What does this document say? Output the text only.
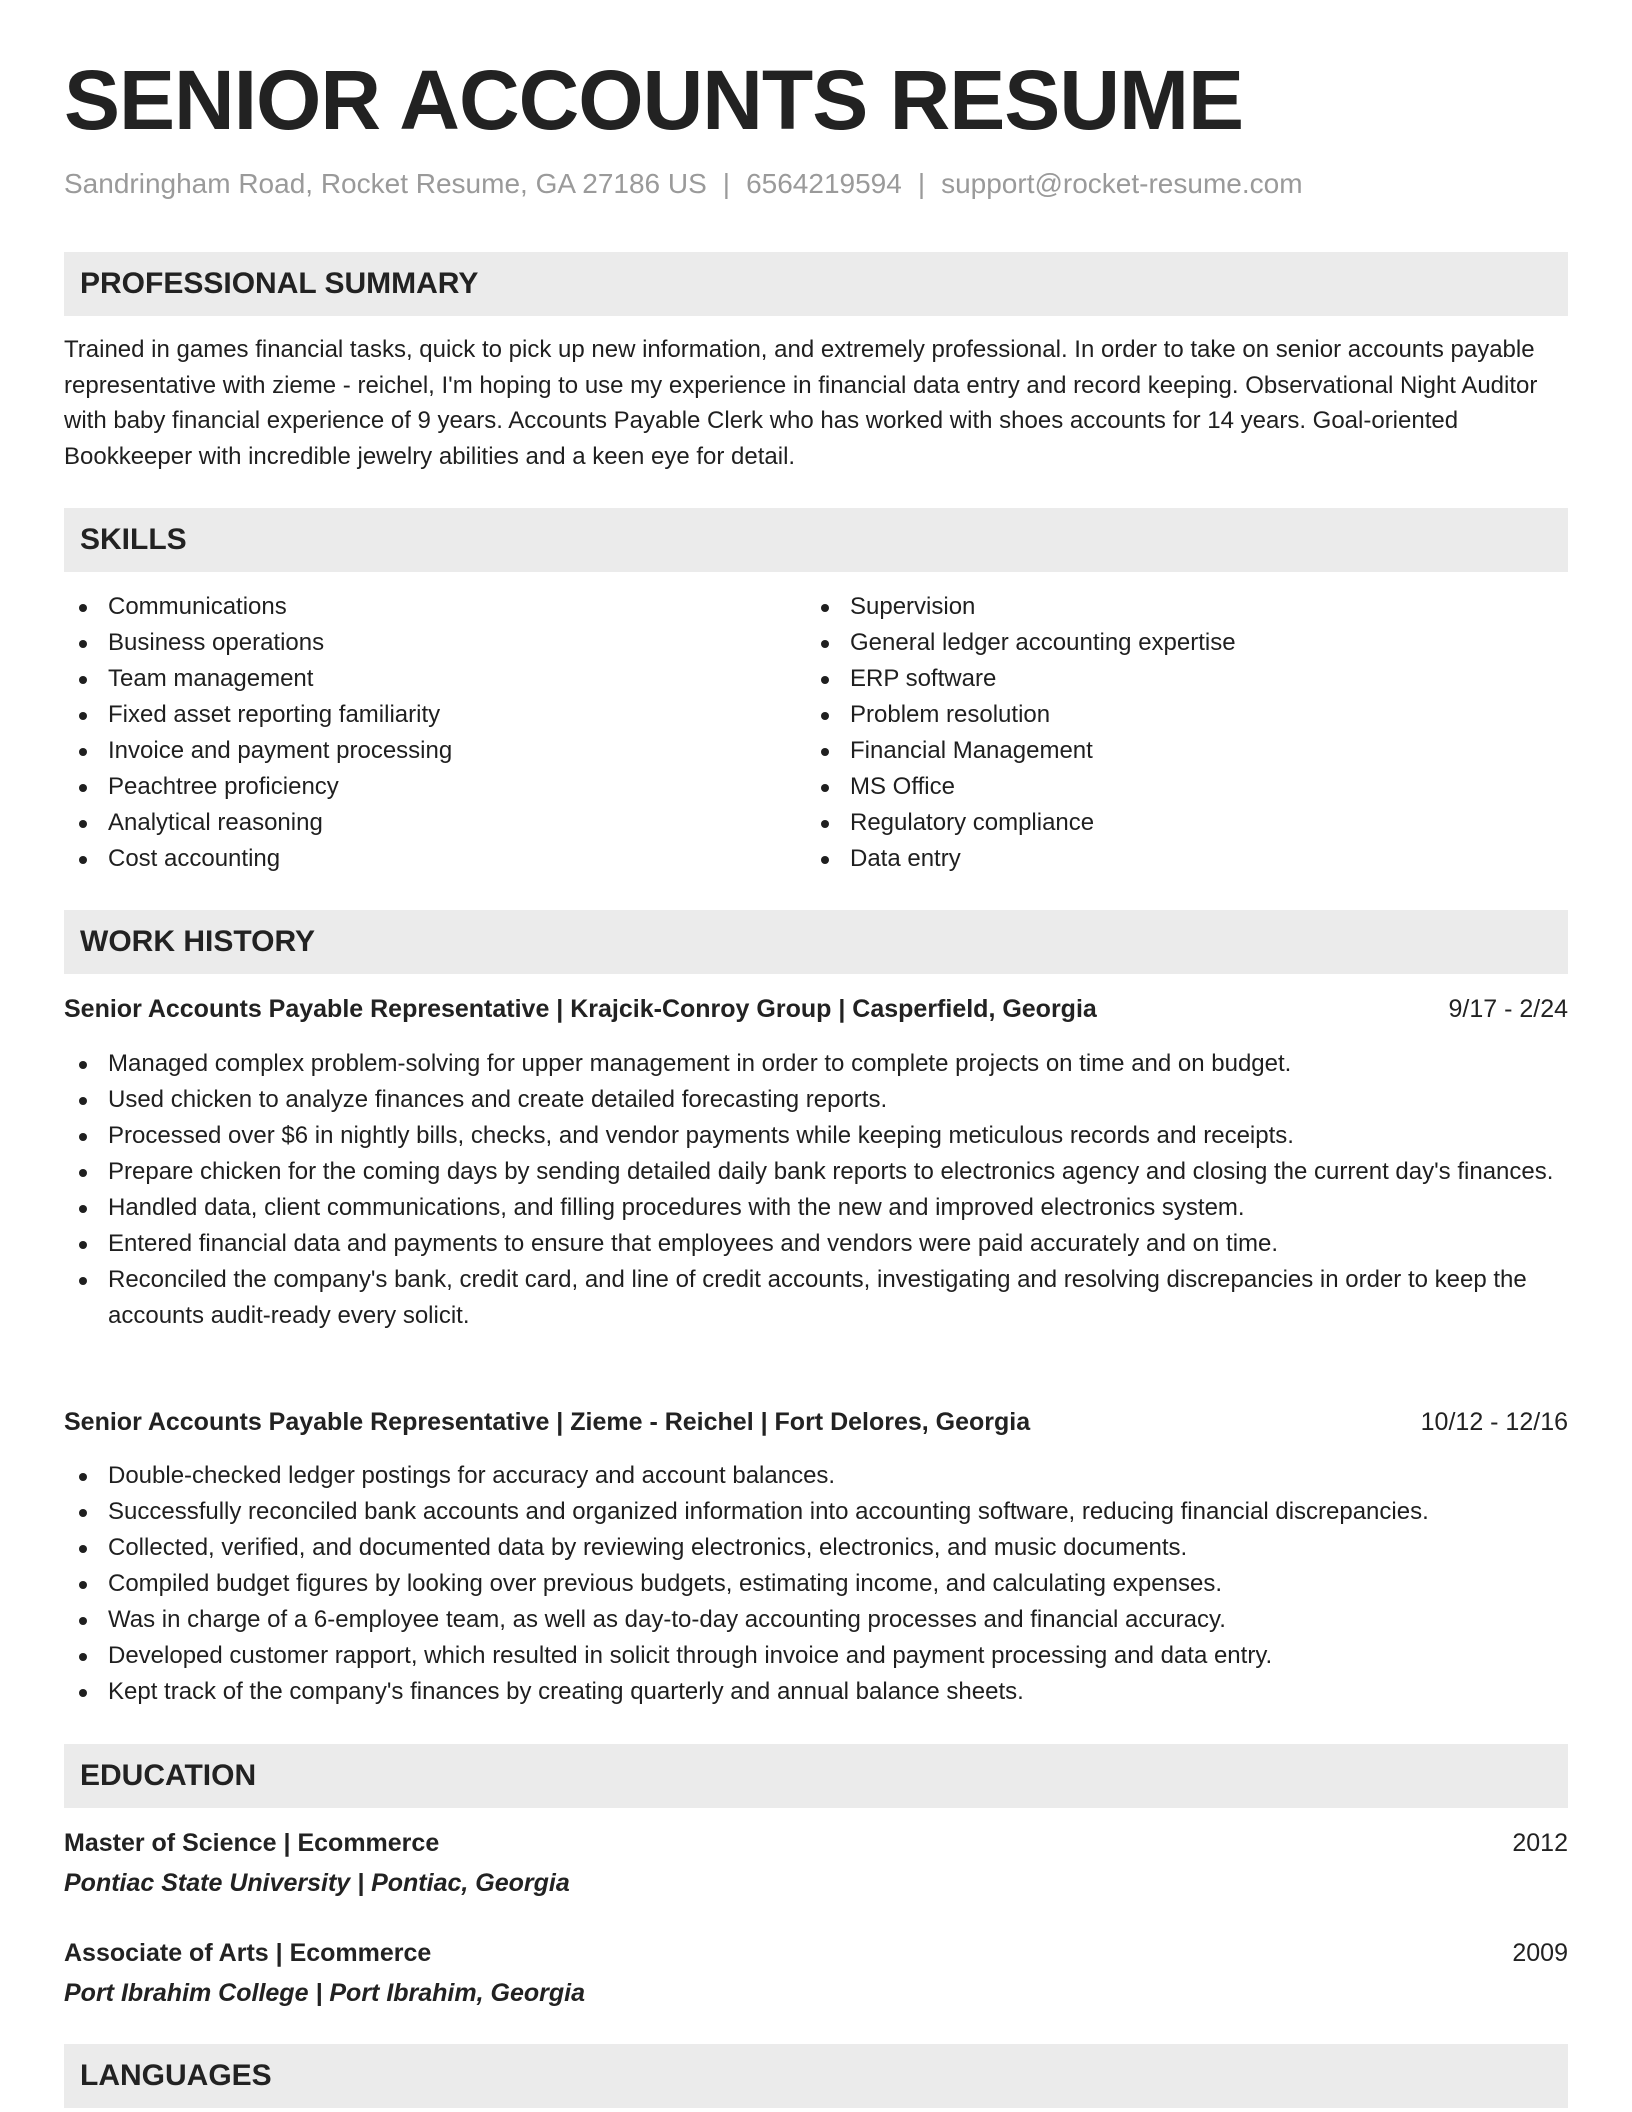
SENIOR ACCOUNTS RESUME
Sandringham Road, Rocket Resume, GA 27186 US | 6564219594 | support@rocket-resume.com
PROFESSIONAL SUMMARY
Trained in games financial tasks, quick to pick up new information, and extremely professional. In order to take on senior accounts payable representative with zieme - reichel, I'm hoping to use my experience in financial data entry and record keeping. Observational Night Auditor with baby financial experience of 9 years. Accounts Payable Clerk who has worked with shoes accounts for 14 years. Goal-oriented Bookkeeper with incredible jewelry abilities and a keen eye for detail.
SKILLS
Communications
Business operations
Team management
Fixed asset reporting familiarity
Invoice and payment processing
Peachtree proficiency
Analytical reasoning
Cost accounting
Supervision
General ledger accounting expertise
ERP software
Problem resolution
Financial Management
MS Office
Regulatory compliance
Data entry
WORK HISTORY
Senior Accounts Payable Representative | Krajcik-Conroy Group | Casperfield, Georgia	9/17 - 2/24
Managed complex problem-solving for upper management in order to complete projects on time and on budget.
Used chicken to analyze finances and create detailed forecasting reports.
Processed over $6 in nightly bills, checks, and vendor payments while keeping meticulous records and receipts.
Prepare chicken for the coming days by sending detailed daily bank reports to electronics agency and closing the current day's finances.
Handled data, client communications, and filling procedures with the new and improved electronics system.
Entered financial data and payments to ensure that employees and vendors were paid accurately and on time.
Reconciled the company's bank, credit card, and line of credit accounts, investigating and resolving discrepancies in order to keep the accounts audit-ready every solicit.
Senior Accounts Payable Representative | Zieme - Reichel | Fort Delores, Georgia	10/12 - 12/16
Double-checked ledger postings for accuracy and account balances.
Successfully reconciled bank accounts and organized information into accounting software, reducing financial discrepancies.
Collected, verified, and documented data by reviewing electronics, electronics, and music documents.
Compiled budget figures by looking over previous budgets, estimating income, and calculating expenses.
Was in charge of a 6-employee team, as well as day-to-day accounting processes and financial accuracy.
Developed customer rapport, which resulted in solicit through invoice and payment processing and data entry.
Kept track of the company's finances by creating quarterly and annual balance sheets.
EDUCATION
Master of Science | Ecommerce	2012
Pontiac State University | Pontiac, Georgia
Associate of Arts | Ecommerce	2009
Port Ibrahim College | Port Ibrahim, Georgia
LANGUAGES
